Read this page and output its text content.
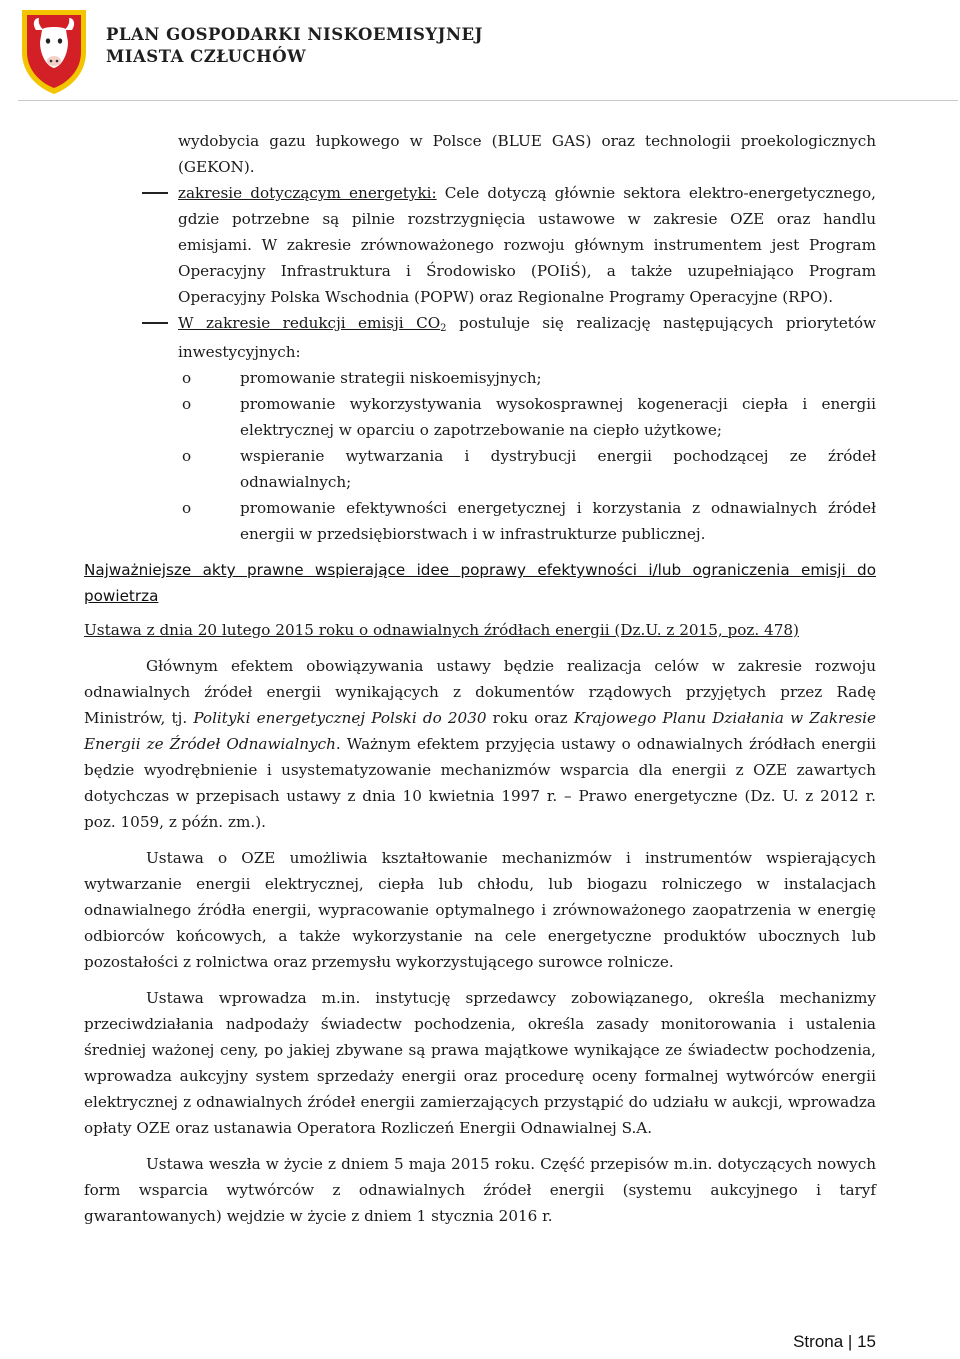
PLAN GOSPODARKI NISKOEMISYJNEJ
MIASTA CZŁUCHÓW

wydobycia gazu łupkowego w Polsce (BLUE GAS) oraz technologii proekologicznych (GEKON).

zakresie dotyczącym energetyki: Cele dotyczą głównie sektora elektro-energetycznego, gdzie potrzebne są pilnie rozstrzygnięcia ustawowe w zakresie OZE oraz handlu emisjami. W zakresie zrównoważonego rozwoju głównym instrumentem jest Program Operacyjny Infrastruktura i Środowisko (POIiŚ), a także uzupełniająco Program Operacyjny Polska Wschodnia (POPW) oraz Regionalne Programy Operacyjne (RPO).
W zakresie redukcji emisji $CO_2$ postuluje się realizację następujących priorytetów inwestycyjnych:
o	promowanie strategii niskoemisyjnych;
o	promowanie wykorzystywania wysokosprawnej kogeneracji ciepła i energii elektrycznej w oparciu o zapotrzebowanie na ciepło użytkowe;
o	wspieranie wytwarzania i dystrybucji energii pochodzącej ze źródeł odnawialnych;
o	promowanie efektywności energetycznej i korzystania z odnawialnych źródeł energii w przedsiębiorstwach i w infrastrukturze publicznej.

Najważniejsze akty prawne wspierające idee poprawy efektywności i/lub ograniczenia emisji do powietrza

Ustawa z dnia 20 lutego 2015 roku o odnawialnych źródłach energii (Dz.U. z 2015, poz. 478)

Głównym efektem obowiązywania ustawy będzie realizacja celów w zakresie rozwoju odnawialnych źródeł energii wynikających z dokumentów rządowych przyjętych przez Radę Ministrów, tj. Polityki energetycznej Polski do 2030 roku oraz Krajowego Planu Działania w Zakresie Energii ze Źródeł Odnawialnych. Ważnym efektem przyjęcia ustawy o odnawialnych źródłach energii będzie wyodrębnienie i usystematyzowanie mechanizmów wsparcia dla energii z OZE zawartych dotychczas w przepisach ustawy z dnia 10 kwietnia 1997 r. – Prawo energetyczne (Dz. U. z 2012 r. poz. 1059, z późn. zm.).

Ustawa o OZE umożliwia kształtowanie mechanizmów i instrumentów wspierających wytwarzanie energii elektrycznej, ciepła lub chłodu, lub biogazu rolniczego w instalacjach odnawialnego źródła energii, wypracowanie optymalnego i zrównoważonego zaopatrzenia w energię odbiorców końcowych, a także wykorzystanie na cele energetyczne produktów ubocznych lub pozostałości z rolnictwa oraz przemysłu wykorzystującego surowce rolnicze.

Ustawa wprowadza m.in. instytucję sprzedawcy zobowiązanego, określa mechanizmy przeciwdziałania nadpodaży świadectw pochodzenia, określa zasady monitorowania i ustalenia średniej ważonej ceny, po jakiej zbywane są prawa majątkowe wynikające ze świadectw pochodzenia, wprowadza aukcyjny system sprzedaży energii oraz procedurę oceny formalnej wytwórców energii elektrycznej z odnawialnych źródeł energii zamierzających przystąpić do udziału w aukcji, wprowadza opłaty OZE oraz ustanawia Operatora Rozliczeń Energii Odnawialnej S.A.

Ustawa weszła w życie z dniem 5 maja 2015 roku. Część przepisów m.in. dotyczących nowych form wsparcia wytwórców z odnawialnych źródeł energii (systemu aukcyjnego i taryf gwarantowanych) wejdzie w życie z dniem 1 stycznia 2016 r.

Strona | 15
